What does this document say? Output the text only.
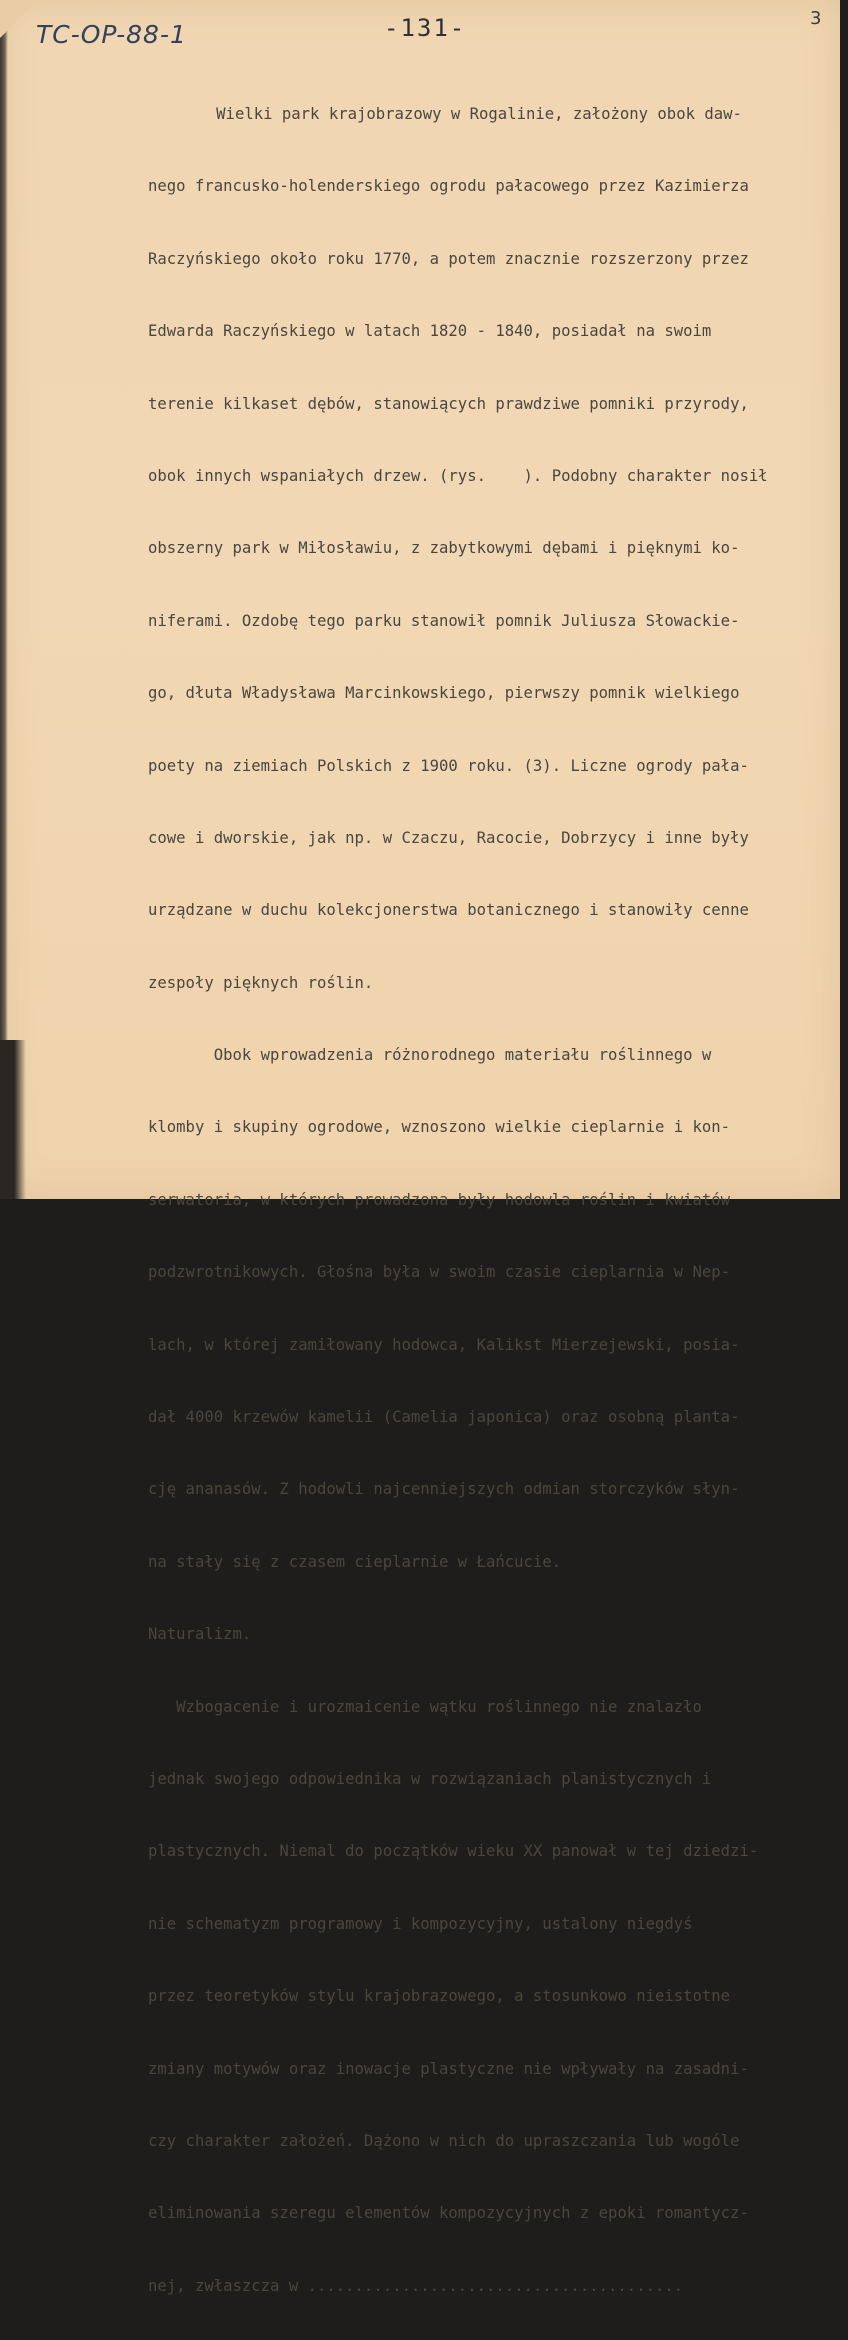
TC-OP-88-1	-131-	3

Wielki park krajobrazowy w Rogalinie, założony obok daw-

nego francusko-holenderskiego ogrodu pałacowego przez Kazimierza

Raczyńskiego około roku 1770, a potem znacznie rozszerzony przez

Edwarda Raczyńskiego w latach 1820 - 1840, posiadał na swoim

terenie kilkaset dębów, stanowiących prawdziwe pomniki przyrody,

obok innych wspaniałych drzew. (rys.    ). Podobny charakter nosił

obszerny park w Miłosławiu, z zabytkowymi dębami i pięknymi ko-

niferami. Ozdobę tego parku stanowił pomnik Juliusza Słowackie-

go, dłuta Władysława Marcinkowskiego, pierwszy pomnik wielkiego

poety na ziemiach Polskich z 1900 roku. (3). Liczne ogrody pała-

cowe i dworskie, jak np. w Czaczu, Racocie, Dobrzycy i inne były

urządzane w duchu kolekcjonerstwa botanicznego i stanowiły cenne

zespoły pięknych roślin.

Obok wprowadzenia różnorodnego materiału roślinnego w

klomby i skupiny ogrodowe, wznoszono wielkie cieplarnie i kon-

serwatoria, w których prowadzona były hodowla roślin i kwiatów

podzwrotnikowych. Głośna była w swoim czasie cieplarnia w Nep-

lach, w której zamiłowany hodowca, Kalikst Mierzejewski, posia-

dał 4000 krzewów kamelii (Camelia japonica) oraz osobną planta-

cję ananasów. Z hodowli najcenniejszych odmian storczyków słyn-

na stały się z czasem cieplarnie w Łańcucie.

Naturalizm.

Wzbogacenie i urozmaicenie wątku roślinnego nie znalazło

jednak swojego odpowiednika w rozwiązaniach planistycznych i

plastycznych. Niemal do początków wieku XX panował w tej dziedzi-

nie schematyzm programowy i kompozycyjny, ustalony niegdyś

przez teoretyków stylu krajobrazowego, a stosunkowo nieistotne

zmiany motywów oraz inowacje plastyczne nie wpływały na zasadni-

czy charakter założeń. Dążono w nich do upraszczania lub wogóle

eliminowania szeregu elementów kompozycyjnych z epoki romantycz-

nej, zwłaszcza w ........................................
